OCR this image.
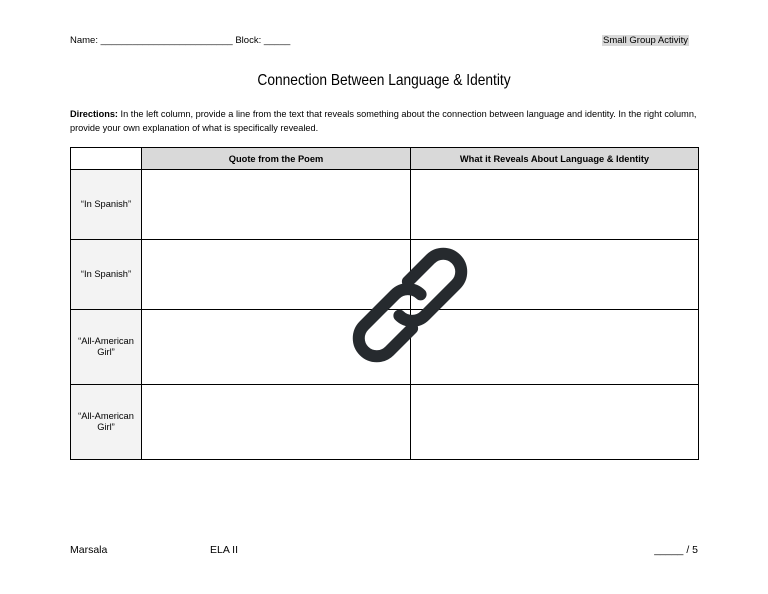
Name: _________________________ Block: _____	Small Group Activity
Connection Between Language & Identity
Directions: In the left column, provide a line from the text that reveals something about the connection between language and identity. In the right column, provide your own explanation of what is specifically revealed.
	Quote from the Poem	What it Reveals About Language & Identity
“In Spanish”		
“In Spanish”		
“All-American Girl”		
“All-American Girl”		
Marsala	ELA II	_____ / 5
